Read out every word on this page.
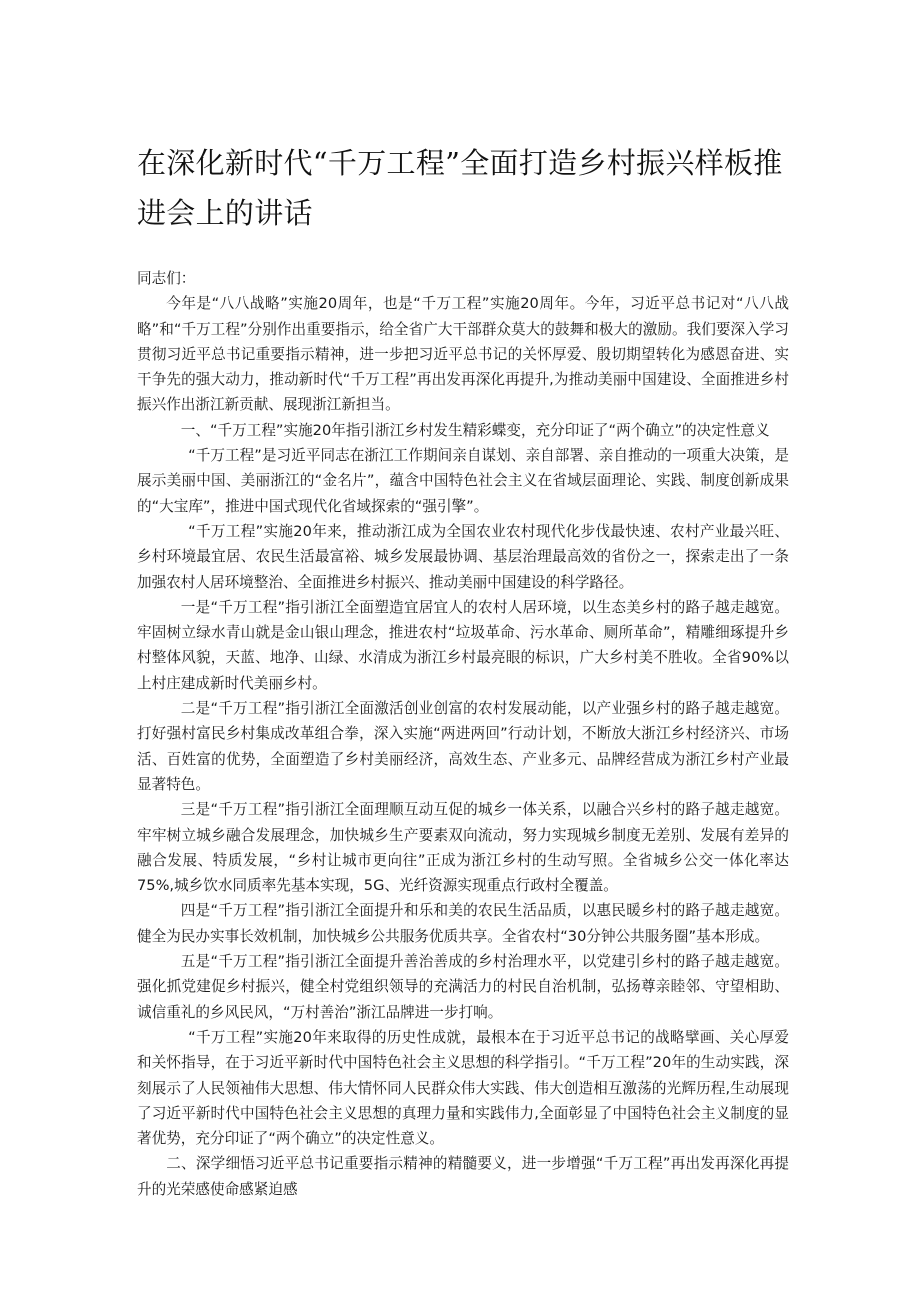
在深化新时代“千万工程”全面打造乡村振兴样板推进会上的讲话

同志们：

今年是“八八战略”实施20周年，也是“千万工程”实施20周年。今年，习近平总书记对“八八战略”和“千万工程”分别作出重要指示，给全省广大干部群众莫大的鼓舞和极大的激励。我们要深入学习贯彻习近平总书记重要指示精神，进一步把习近平总书记的关怀厚爱、殷切期望转化为感恩奋进、实干争先的强大动力，推动新时代“千万工程”再出发再深化再提升,为推动美丽中国建设、全面推进乡村振兴作出浙江新贡献、展现浙江新担当。

一、“千万工程”实施20年指引浙江乡村发生精彩蝶变，充分印证了“两个确立”的决定性意义

“千万工程”是习近平同志在浙江工作期间亲自谋划、亲自部署、亲自推动的一项重大决策，是展示美丽中国、美丽浙江的“金名片”，蕴含中国特色社会主义在省域层面理论、实践、制度创新成果的“大宝库”，推进中国式现代化省域探索的“强引擎”。

“千万工程”实施20年来，推动浙江成为全国农业农村现代化步伐最快速、农村产业最兴旺、乡村环境最宜居、农民生活最富裕、城乡发展最协调、基层治理最高效的省份之一，探索走出了一条加强农村人居环境整治、全面推进乡村振兴、推动美丽中国建设的科学路径。

一是“千万工程”指引浙江全面塑造宜居宜人的农村人居环境，以生态美乡村的路子越走越宽。牢固树立绿水青山就是金山银山理念，推进农村“垃圾革命、污水革命、厕所革命”，精雕细琢提升乡村整体风貌，天蓝、地净、山绿、水清成为浙江乡村最亮眼的标识，广大乡村美不胜收。全省90%以上村庄建成新时代美丽乡村。

二是“千万工程”指引浙江全面激活创业创富的农村发展动能，以产业强乡村的路子越走越宽。打好强村富民乡村集成改革组合拳，深入实施“两进两回”行动计划，不断放大浙江乡村经济兴、市场活、百姓富的优势，全面塑造了乡村美丽经济，高效生态、产业多元、品牌经营成为浙江乡村产业最显著特色。

三是“千万工程”指引浙江全面理顺互动互促的城乡一体关系，以融合兴乡村的路子越走越宽。牢牢树立城乡融合发展理念，加快城乡生产要素双向流动，努力实现城乡制度无差别、发展有差异的融合发展、特质发展，“乡村让城市更向往”正成为浙江乡村的生动写照。全省城乡公交一体化率达75%,城乡饮水同质率先基本实现，5G、光纤资源实现重点行政村全覆盖。

四是“千万工程”指引浙江全面提升和乐和美的农民生活品质，以惠民暖乡村的路子越走越宽。健全为民办实事长效机制，加快城乡公共服务优质共享。全省农村“30分钟公共服务圈”基本形成。

五是“千万工程”指引浙江全面提升善治善成的乡村治理水平，以党建引乡村的路子越走越宽。强化抓党建促乡村振兴，健全村党组织领导的充满活力的村民自治机制，弘扬尊亲睦邻、守望相助、诚信重礼的乡风民风，“万村善治”浙江品牌进一步打响。

“千万工程”实施20年来取得的历史性成就，最根本在于习近平总书记的战略擘画、关心厚爱和关怀指导，在于习近平新时代中国特色社会主义思想的科学指引。“千万工程”20年的生动实践，深刻展示了人民领袖伟大思想、伟大情怀同人民群众伟大实践、伟大创造相互激荡的光辉历程,生动展现了习近平新时代中国特色社会主义思想的真理力量和实践伟力,全面彰显了中国特色社会主义制度的显著优势，充分印证了“两个确立”的决定性意义。

二、深学细悟习近平总书记重要指示精神的精髓要义，进一步增强“千万工程”再出发再深化再提升的光荣感使命感紧迫感
